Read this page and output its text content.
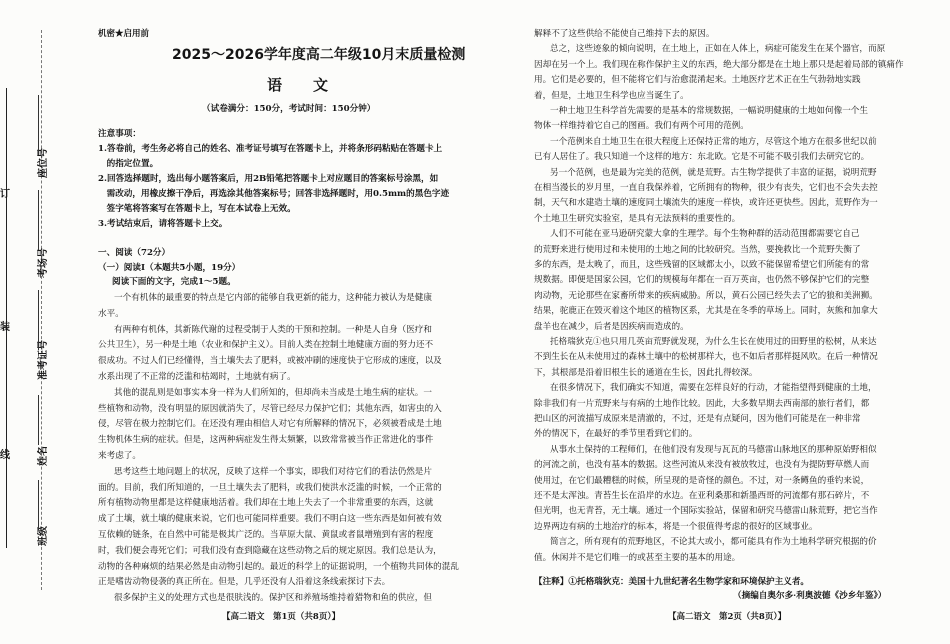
订
装
线
座位号
考场号
准考证号
姓名
班级
机密★启用前
2025～2026学年度高二年级10月末质量检测
语　文
（试卷满分：150分，考试时间：150分钟）
注意事项：
1.答卷前，考生务必将自己的姓名、准考证号填写在答题卡上，并将条形码粘贴在答题卡上
　的指定位置。
2.回答选择题时，选出每小题答案后，用2B铅笔把答题卡上对应题目的答案标号涂黑，如
　需改动，用橡皮擦干净后，再选涂其他答案标号；回答非选择题时，用0.5mm的黑色字迹
　签字笔将答案写在答题卡上，写在本试卷上无效。
3.考试结束后，请将答题卡上交。
一、阅读（72分）
（一）阅读Ⅰ（本题共5小题，19分）
阅读下面的文字，完成1～5题。
一个有机体的最重要的特点是它内部的能够自我更新的能力，这种能力被认为是健康
水平。
有两种有机体，其新陈代谢的过程受制于人类的干预和控制。一种是人自身（医疗和
公共卫生），另一种是土地（农业和保护主义）。目前人类在控制土地健康方面的努力还不
很成功。不过人们已经懂得，当土壤失去了肥料，或被冲刷的速度快于它形成的速度，以及
水系出现了不正常的泛滥和枯竭时，土地就有病了。
其他的混乱则是如事实本身一样为人们所知的，但却尚未当成是土地生病的症状。一
些植物和动物，没有明显的原因就消失了，尽管已经尽力保护它们；其他东西，如害虫的入
侵，尽管在极力控制它们。在还没有理由相信人对它有所解释的情况下，必须被看成是土地
生物机体生病的症状。但是，这两种病症发生得太频繁，以致常常被当作正常进化的事件
来考虑了。
思考这些土地问题上的状况，反映了这样一个事实，即我们对待它们的看法仍然是片
面的。目前，我们所知道的，一旦土壤失去了肥料，或我们使洪水泛滥的时候，一个正常的
所有植物动物里都是这样健康地活着。我们却在土地上失去了一个非常重要的东西，这就
成了土壤，就土壤的健康来说，它们也可能同样重要。我们不明白这一些东西是如何被有效
互依赖的链条，在自然中可能是极其广泛的。当草原大鼠、黄鼠或者鼠增殖到有害的程度
时，我们便会毒死它们；可我们没有查到隐藏在这些动物之后的规定原因。我们总是认为，
动物的各种麻烦的结果必然是由动物引起的。最近的科学上的证据说明，一个植物共同体的混乱
正是嗜齿动物侵袭的真正所在。但是，几乎还没有人沿着这条线索探讨下去。
很多保护主义的处理方式也是很肤浅的。保护区和养殖场维持着猎物和鱼的供应，但
【高二语文　第1页（共8页）】
解释不了这些供给不能使自己维持下去的原因。
总之，这些迹象的倾向说明，在土地上，正如在人体上，病症可能发生在某个器官，而原
因却在另一个上。我们现在称作保护主义的东西，绝大部分都是在土地上那只是起着局部的镇痛作
用。它们是必要的，但不能将它们与治愈混淆起来。土地医疗艺术正在生气勃勃地实践
着，但是，土地卫生科学也应当诞生了。
一种土地卫生科学首先需要的是基本的常规数据，一幅说明健康的土地如何像一个生
物体一样维持着它自己的图画。我们有两个可用的范例。
一个范例来自土地卫生在很大程度上还保持正常的地方，尽管这个地方在很多世纪以前
已有人居住了。我只知道一个这样的地方：东北欧。它是不可能不吸引我们去研究它的。
另一个范例，也是最为完美的范例，就是荒野。古生物学提供了丰富的证据，说明荒野
在相当漫长的岁月里，一直自我保养着，它所拥有的物种，很少有丧失，它们也不会失去控
制，天气和水建造土壤的速度同土壤流失的速度一样快，或许还更快些。因此，荒野作为一
个土地卫生研究实验室，是具有无法预料的重要性的。
人们不可能在亚马逊研究蒙大拿的生理学。每个生物种群的活动范围都需要它自己
的荒野来进行使用过和未使用的土地之间的比较研究。当然，要挽救比一个荒野失衡了
多的东西，是太晚了，而且，这些残留的区域都太小，以致不能保留希望它们所能有的常
规数据。即便是国家公园，它们的规模每年都在一百万英亩，也仍然不够保护它们的完整
肉动物，无论那些在家畜所带来的疾病威胁。所以，黄石公园已经失去了它的狼和美洲狮。
结果，驼鹿正在毁灭着这个地区的植物区系，尤其是在冬季的草场上。同时，灰熊和加拿大
盘羊也在减少，后者是因疾病而造成的。
托格瑞狄克①也只用几英亩荒野就发现，为什么生长在使用过的田野里的松树，从来达
不到生长在从未使用过的森林土壤中的松树那样大，也不如后者那样挺风吹。在后一种情况
下，其根部是沿着旧根生长的通道在生长，因此扎得较深。
在很多情况下，我们确实不知道，需要在怎样良好的行动，才能指望得到健康的土地，
除非我们有一片荒野来与有病的土地作比较。因此，大多数早期去西南部的旅行者们，都
把山区的河流描写成原来是清澈的，不过，还是有点疑问，因为他们可能是在一种非常
外的情况下，在最好的季节里看到它们的。
从事水土保持的工程师们，在他们没有发现与瓦瓦的马德雷山脉地区的那种原始野相似
的河流之前，也没有基本的数据。这些河流从来没有被放牧过，也没有为提防野草燃人而
使用过，在它们最糟糕的时候，所呈现的是奇怪的颜色。不过，对一条鳟鱼的垂钓来说，
还不是太浑浊。青苔生长在沿岸的水边。在亚利桑那和新墨西哥的河流都有那石碎片，不
但光明，也无青苔，无土壤。通过一个国际实验站，保留和研究马德雷山脉荒野，把它当作
边界两边有病的土地治疗的标本，将是一个很值得考虑的很好的区域事业。
简言之，所有现有的荒野地区，不论其大或小，都可能具有作为土地科学研究根据的价
值。休闲并不是它们唯一的或甚至主要的基本的用途。
【注释】①托格瑞狄克：美国十九世纪著名生物学家和环境保护主义者。
（摘编自奥尔多·利奥波德《沙乡年鉴》）
【高二语文　第2页（共8页）】
